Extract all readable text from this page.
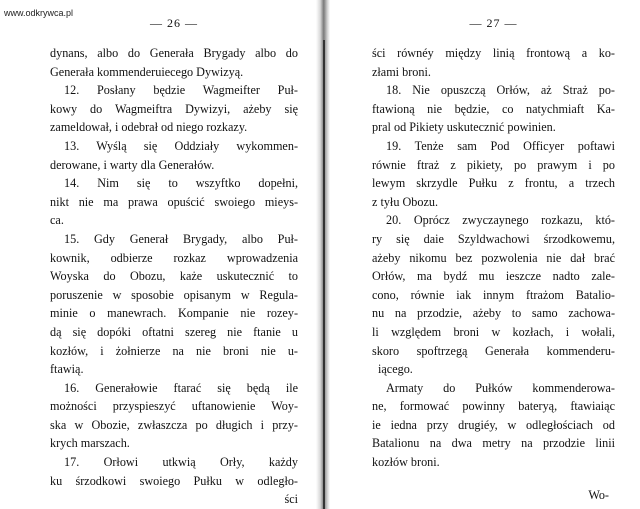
www.odkrywca.pl
— 26 —
dynans, albo do Generała Brygady albo do
Generała kommenderuiecego Dywizyą.
12. Posłany będzie Wagmeifter Puł-
kowy do Wagmeiftra Dywizyi, ażeby się
zameldował, i odebrał od niego rozkazy.
13. Wyślą się Oddziały wykommen-
derowane, i warty dla Generałów.
14. Nim się to wszyftko dopełni,
nikt nie ma prawa opuścić swoiego mieys-
ca.
15. Gdy Generał Brygady, albo Puł-
kownik, odbierze rozkaz wprowadzenia
Woyska do Obozu, każe uskutecznić to
poruszenie w sposobie opisanym w Regula-
minie o manewrach. Kompanie nie rozey-
dą się dopóki oftatni szereg nie ftanie u
kozłów, i żołnierze na nie broni nie u-
ftawią.
16. Generałowie ftarać się będą ile
możności przyspieszyć uftanowienie Woy-
ska w Obozie, zwłaszcza po długich i przy-
krych marszach.
17. Orłowi utkwią Orły, każdy
ku śrzodkowi swoiego Pułku w odległo-
ści
— 27 —
ści równéy między linią frontową a ko-
złami broni.
18. Nie opuszczą Orłów, aż Straż po-
ftawioną nie będzie, co natychmiaft Ka-
pral od Pikiety uskutecznić powinien.
19. Tenże sam Pod Officyer poftawi
równie ftraż z pikiety, po prawym i po
lewym skrzydle Pułku z frontu, a trzech
z tyłu Obozu.
20. Oprócz zwyczaynego rozkazu, któ-
ry się daie Szyldwachowi śrzodkowemu,
ażeby nikomu bez pozwolenia nie dał brać
Orłów, ma bydź mu ieszcze nadto zale-
cono, równie iak innym ftrażom Bataliо-
nu na przodzie, ażeby to samo zachowa-
li względem broni w kozłach, i wołali,
skoro spoftrzegą Generała kommenderu-
iącego.
Armaty do Pułków kommenderowa-
ne, formować powinny bateryą, ftawiaiąc
ie iedna przy drugiéy, w odległościach od
Batalionu na dwa metry na przodzie linii
kozłów broni.
Wo-
